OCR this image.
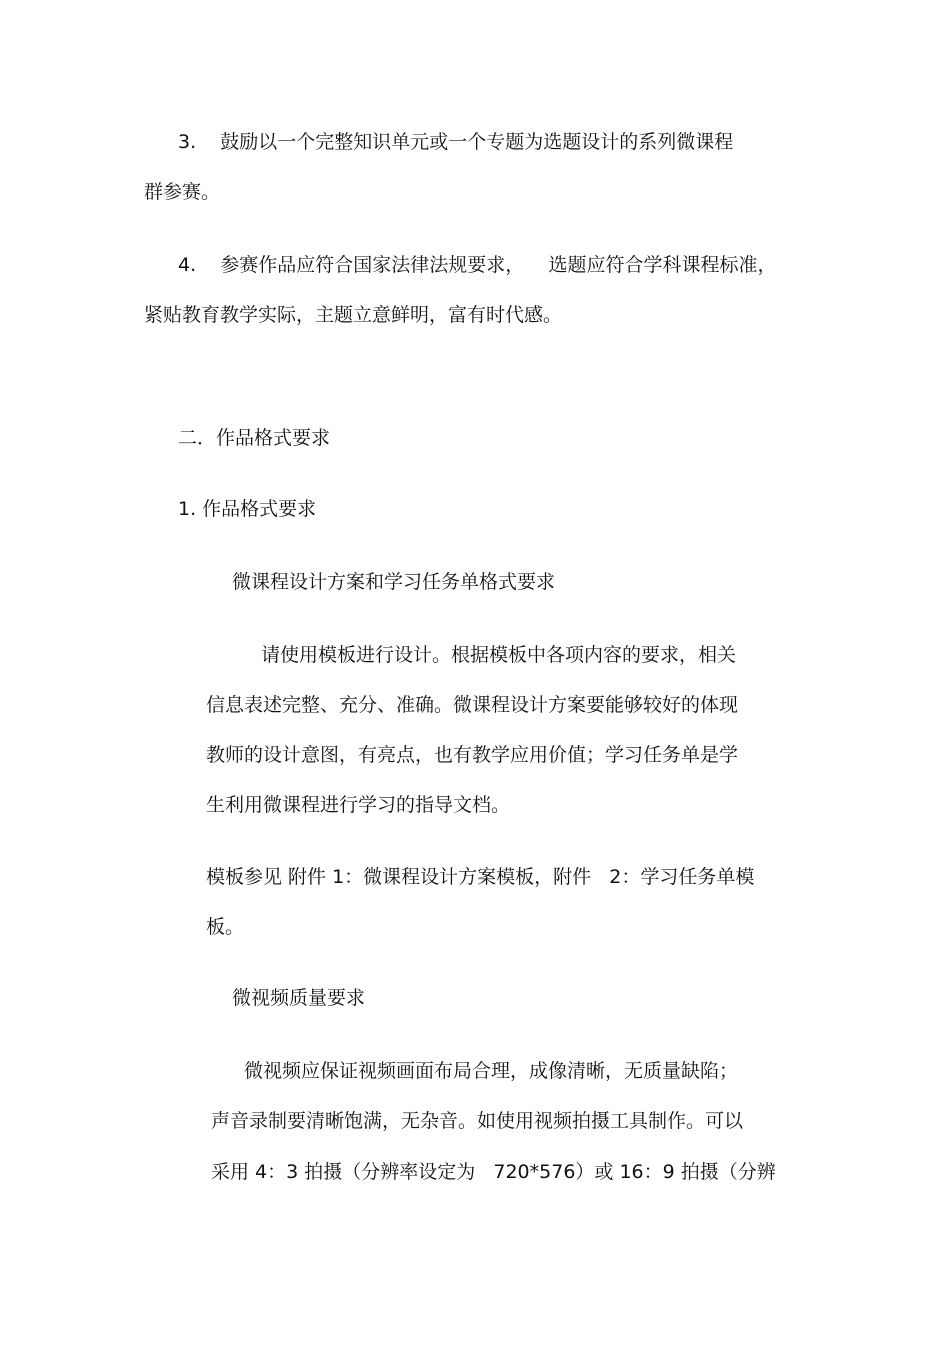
3.    鼓励以一个完整知识单元或一个专题为选题设计的系列微课程
群参赛。
4.    参赛作品应符合国家法律法规要求，    选题应符合学科课程标准，
紧贴教育教学实际，主题立意鲜明，富有时代感。
二．作品格式要求
1. 作品格式要求
微课程设计方案和学习任务单格式要求
请使用模板进行设计。根据模板中各项内容的要求，相关
信息表述完整、充分、准确。微课程设计方案要能够较好的体现
教师的设计意图，有亮点，也有教学应用价值；学习任务单是学
生利用微课程进行学习的指导文档。
模板参见 附件 1：微课程设计方案模板，附件   2：学习任务单模
板。
微视频质量要求
微视频应保证视频画面布局合理，成像清晰，无质量缺陷；
声音录制要清晰饱满，无杂音。如使用视频拍摄工具制作。可以
采用 4：3 拍摄（分辨率设定为   720*576）或 16：9 拍摄（分辨
